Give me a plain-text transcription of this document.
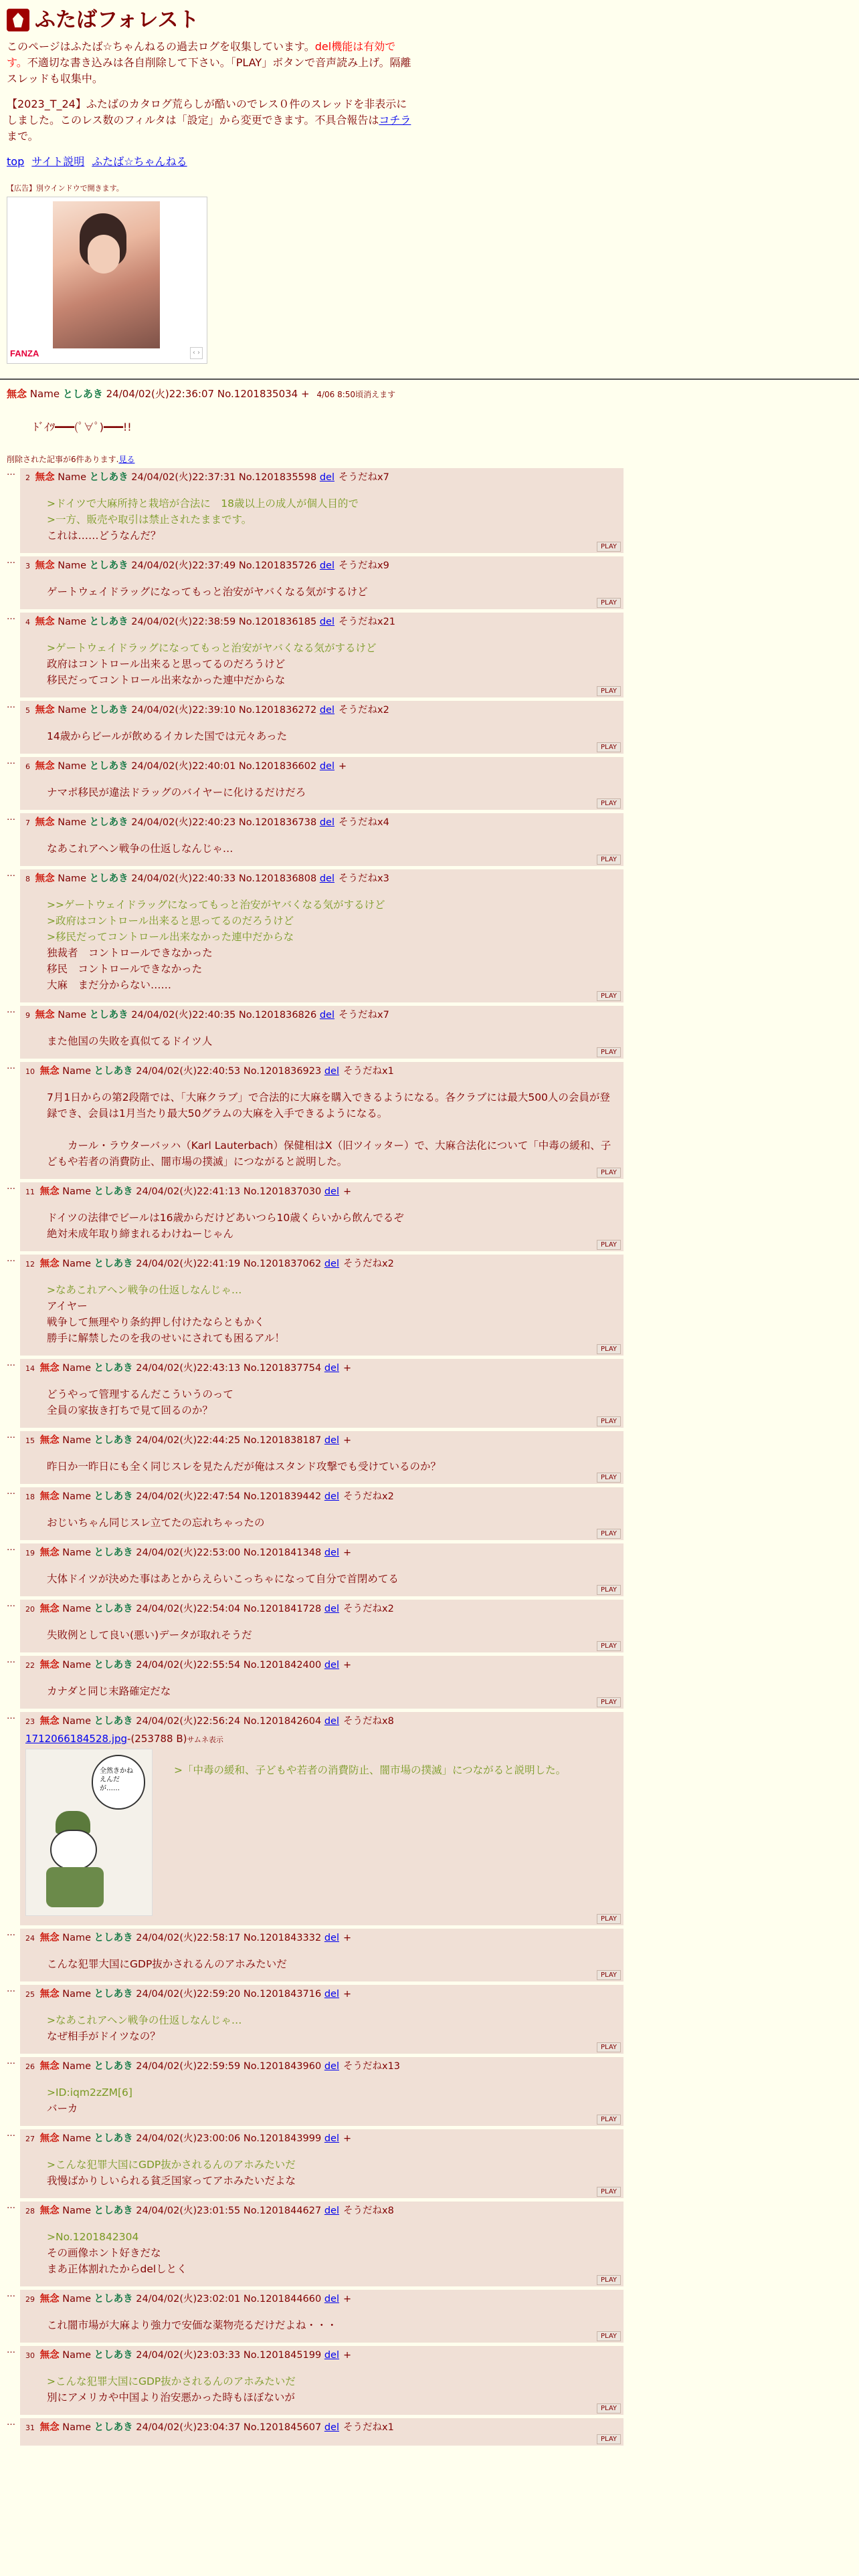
ふたばフォレスト

このページはふたば☆ちゃんねるの過去ログを収集しています。del機能は有効です。不適切な書き込みは各自削除して下さい。「PLAY」ボタンで音声読み上げ。隔離スレッドも収集中。

【2023_T_24】ふたばのカタログ荒らしが酷いのでレス０件のスレッドを非表示にしました。このレス数のフィルタは「設定」から変更できます。不具合報告はコチラまで。

top サイト説明 ふたば☆ちゃんねる
【広告】別ウインドウで開きます。
FANZA	‹ ›
無念 Name としあき 24/04/02(火)22:36:07 No.1201835034 + 4/06 8:50頃消えます
ﾄﾞｲﾂ━━━(ﾟ∀ﾟ)━━━!!
削除された記事が6件あります.見る
…
2 無念 Name としあき 24/04/02(火)22:37:31 No.1201835598 del そうだねx7
>ドイツで大麻所持と栽培が合法に　18歳以上の成人が個人目的で
>一方、販売や取引は禁止されたままです。
これは……どうなんだ？
PLAY
…
3 無念 Name としあき 24/04/02(火)22:37:49 No.1201835726 del そうだねx9
ゲートウェイドラッグになってもっと治安がヤバくなる気がするけど
PLAY
…
4 無念 Name としあき 24/04/02(火)22:38:59 No.1201836185 del そうだねx21
>ゲートウェイドラッグになってもっと治安がヤバくなる気がするけど
政府はコントロール出来ると思ってるのだろうけど
移民だってコントロール出来なかった連中だからな
PLAY
…
5 無念 Name としあき 24/04/02(火)22:39:10 No.1201836272 del そうだねx2
14歳からビールが飲めるイカレた国では元々あった
PLAY
…
6 無念 Name としあき 24/04/02(火)22:40:01 No.1201836602 del +
ナマポ移民が違法ドラッグのバイヤーに化けるだけだろ
PLAY
…
7 無念 Name としあき 24/04/02(火)22:40:23 No.1201836738 del そうだねx4
なあこれアヘン戦争の仕返しなんじゃ…
PLAY
…
8 無念 Name としあき 24/04/02(火)22:40:33 No.1201836808 del そうだねx3
>>ゲートウェイドラッグになってもっと治安がヤバくなる気がするけど
>政府はコントロール出来ると思ってるのだろうけど
>移民だってコントロール出来なかった連中だからな
独裁者　コントロールできなかった
移民　コントロールできなかった
大麻　まだ分からない……
PLAY
…
9 無念 Name としあき 24/04/02(火)22:40:35 No.1201836826 del そうだねx7
また他国の失敗を真似てるドイツ人
PLAY
…
10 無念 Name としあき 24/04/02(火)22:40:53 No.1201836923 del そうだねx1
7月1日からの第2段階では、「大麻クラブ」で合法的に大麻を購入できるようになる。各クラブには最大500人の会員が登録でき、会員は1月当たり最大50グラムの大麻を入手できるようになる。
　　カール・ラウターバッハ（Karl Lauterbach）保健相はX（旧ツイッター）で、大麻合法化について「中毒の緩和、子どもや若者の消費防止、闇市場の撲滅」につながると説明した。
PLAY
…
11 無念 Name としあき 24/04/02(火)22:41:13 No.1201837030 del +
ドイツの法律でビールは16歳からだけどあいつら10歳くらいから飲んでるぞ
絶対未成年取り締まれるわけねーじゃん
PLAY
…
12 無念 Name としあき 24/04/02(火)22:41:19 No.1201837062 del そうだねx2
>なあこれアヘン戦争の仕返しなんじゃ…
アイヤー
戦争して無理やり条約押し付けたならともかく
勝手に解禁したのを我のせいにされても困るアル！
PLAY
…
14 無念 Name としあき 24/04/02(火)22:43:13 No.1201837754 del +
どうやって管理するんだこういうのって
全員の家抜き打ちで見て回るのか？
PLAY
…
15 無念 Name としあき 24/04/02(火)22:44:25 No.1201838187 del +
昨日か一昨日にも全く同じスレを見たんだが俺はスタンド攻撃でも受けているのか？
PLAY
…
18 無念 Name としあき 24/04/02(火)22:47:54 No.1201839442 del そうだねx2
おじいちゃん同じスレ立てたの忘れちゃったの
PLAY
…
19 無念 Name としあき 24/04/02(火)22:53:00 No.1201841348 del +
大体ドイツが決めた事はあとからえらいこっちゃになって自分で首閉めてる
PLAY
…
20 無念 Name としあき 24/04/02(火)22:54:04 No.1201841728 del そうだねx2
失敗例として良い(悪い)データが取れそうだ
PLAY
…
22 無念 Name としあき 24/04/02(火)22:55:54 No.1201842400 del +
カナダと同じ末路確定だな
PLAY
…
23 無念 Name としあき 24/04/02(火)22:56:24 No.1201842604 del そうだねx8
1712066184528.jpg-(253788 B)サムネ表示
全然きかねえんだが……
>「中毒の緩和、子どもや若者の消費防止、闇市場の撲滅」につながると説明した。
PLAY
…
24 無念 Name としあき 24/04/02(火)22:58:17 No.1201843332 del +
こんな犯罪大国にGDP抜かされるんのアホみたいだ
PLAY
…
25 無念 Name としあき 24/04/02(火)22:59:20 No.1201843716 del +
>なあこれアヘン戦争の仕返しなんじゃ…
なぜ相手がドイツなの？
PLAY
…
26 無念 Name としあき 24/04/02(火)22:59:59 No.1201843960 del そうだねx13
>ID:iqm2zZM[6]
バーカ
PLAY
…
27 無念 Name としあき 24/04/02(火)23:00:06 No.1201843999 del +
>こんな犯罪大国にGDP抜かされるんのアホみたいだ
我慢ばかりしいられる貧乏国家ってアホみたいだよな
PLAY
…
28 無念 Name としあき 24/04/02(火)23:01:55 No.1201844627 del そうだねx8
>No.1201842304
その画像ホント好きだな
まあ正体割れたからdelしとく
PLAY
…
29 無念 Name としあき 24/04/02(火)23:02:01 No.1201844660 del +
これ闇市場が大麻より強力で安価な薬物売るだけだよね・・・
PLAY
…
30 無念 Name としあき 24/04/02(火)23:03:33 No.1201845199 del +
>こんな犯罪大国にGDP抜かされるんのアホみたいだ
別にアメリカや中国より治安悪かった時もほぼないが
PLAY
…
31 無念 Name としあき 24/04/02(火)23:04:37 No.1201845607 del そうだねx1
PLAY
